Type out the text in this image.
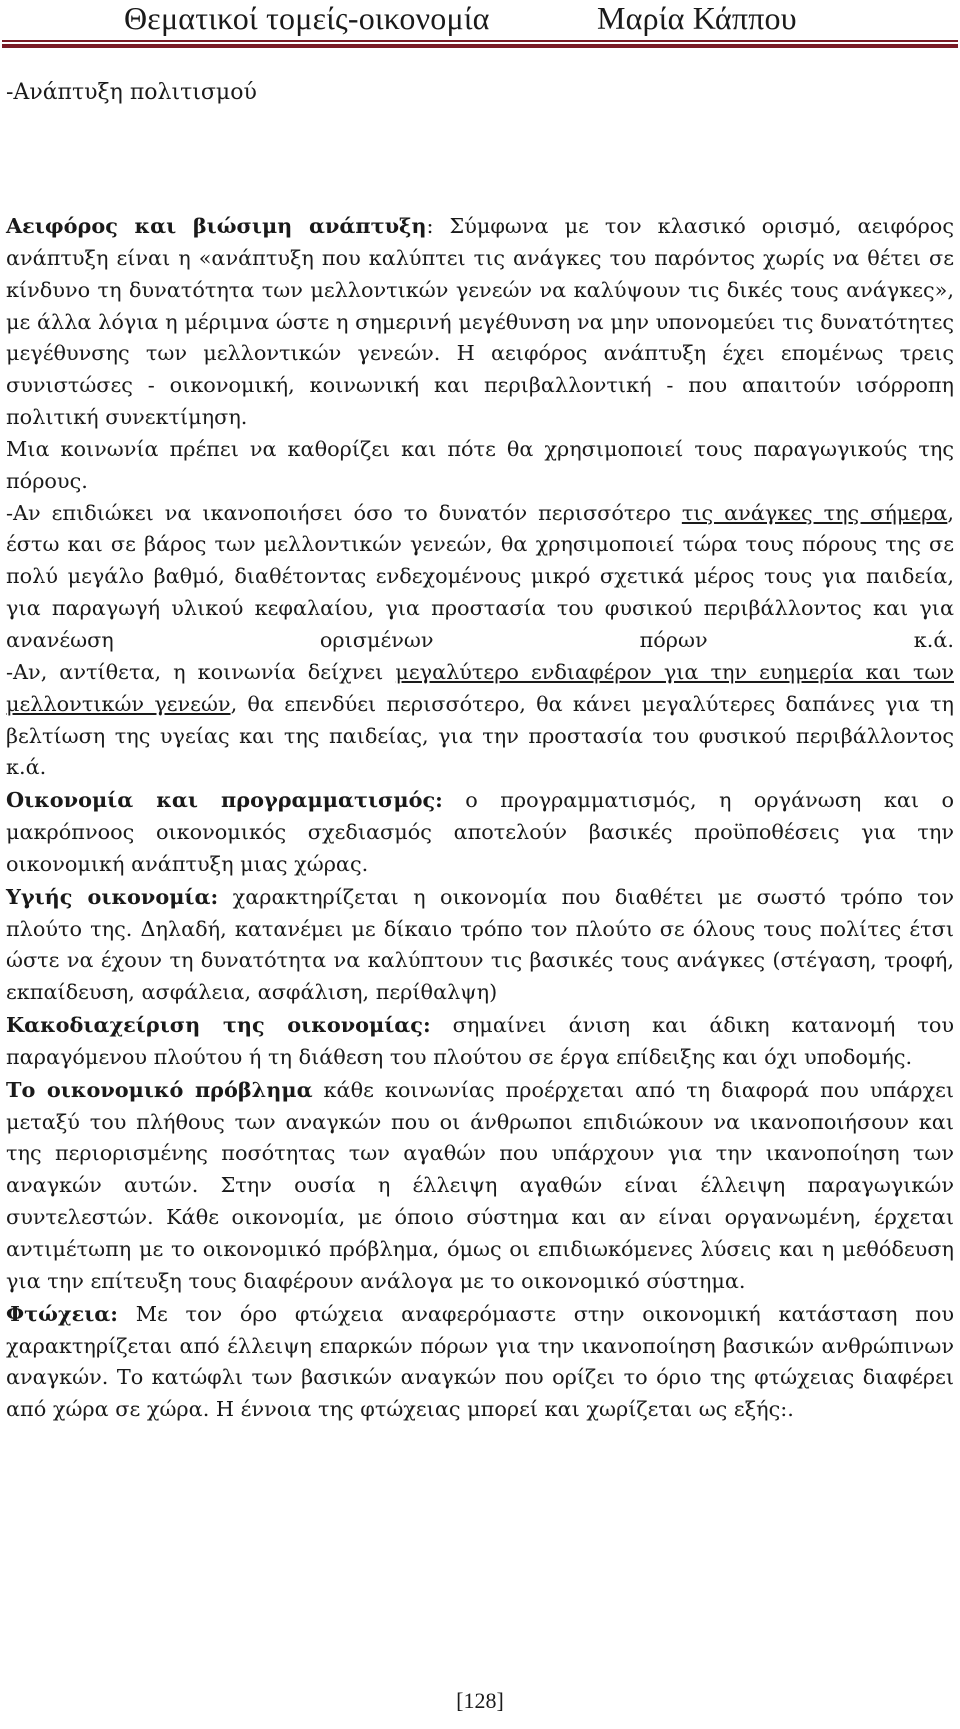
Θεματικοί τομείς-οικονομία	Μαρία Κάππου
-Ανάπτυξη πολιτισμού

Αειφόρος και βιώσιμη ανάπτυξη: Σύμφωνα με τον κλασικό ορισμό, αειφόρος ανάπτυξη είναι η «ανάπτυξη που καλύπτει τις ανάγκες του παρόντος χωρίς να θέτει σε κίνδυνο τη δυνατότητα των μελλοντικών γενεών να καλύψουν τις δικές τους ανάγκες», με άλλα λόγια η μέριμνα ώστε η σημερινή μεγέθυνση να μην υπονομεύει τις δυνατότητες μεγέθυνσης των μελλοντικών γενεών. Η αειφόρος ανάπτυξη έχει επομένως τρεις συνιστώσες - οικονομική, κοινωνική και περιβαλλοντική - που απαιτούν ισόρροπη πολιτική συνεκτίμηση.

Μια κοινωνία πρέπει να καθορίζει και πότε θα χρησιμοποιεί τους παραγωγικούς της πόρους.

-Αν επιδιώκει να ικανοποιήσει όσο το δυνατόν περισσότερο τις ανάγκες της σήμερα, έστω και σε βάρος των μελλοντικών γενεών, θα χρησιμοποιεί τώρα τους πόρους της σε πολύ μεγάλο βαθμό, διαθέτοντας ενδεχομένους μικρό σχετικά μέρος τους για παιδεία, για παραγωγή υλικού κεφαλαίου, για προστασία του φυσικού περιβάλλοντος και για ανανέωση ορισμένων πόρων κ.ά.

-Αν, αντίθετα, η κοινωνία δείχνει μεγαλύτερο ενδιαφέρον για την ευημερία και των μελλοντικών γενεών, θα επενδύει περισσότερο, θα κάνει μεγαλύτερες δαπάνες για τη βελτίωση της υγείας και της παιδείας, για την προστασία του φυσικού περιβάλλοντος κ.ά.

Οικονομία και προγραμματισμός: ο προγραμματισμός, η οργάνωση και ο μακρόπνοος οικονομικός σχεδιασμός αποτελούν βασικές προϋποθέσεις για την οικονομική ανάπτυξη μιας χώρας.

Υγιής οικονομία: χαρακτηρίζεται η οικονομία που διαθέτει με σωστό τρόπο τον πλούτο της. Δηλαδή, κατανέμει με δίκαιο τρόπο τον πλούτο σε όλους τους πολίτες έτσι ώστε να έχουν τη δυνατότητα να καλύπτουν τις βασικές τους ανάγκες (στέγαση, τροφή, εκπαίδευση, ασφάλεια, ασφάλιση, περίθαλψη)

Κακοδιαχείριση της οικονομίας: σημαίνει άνιση και άδικη κατανομή του παραγόμενου πλούτου ή τη διάθεση του πλούτου σε έργα επίδειξης και όχι υποδομής.

Το οικονομικό πρόβλημα κάθε κοινωνίας προέρχεται από τη διαφορά που υπάρχει μεταξύ του πλήθους των αναγκών που οι άνθρωποι επιδιώκουν να ικανοποιήσουν και της περιορισμένης ποσότητας των αγαθών που υπάρχουν για την ικανοποίηση των αναγκών αυτών. Στην ουσία η έλλειψη αγαθών είναι έλλειψη παραγωγικών συντελεστών. Κάθε οικονομία, με όποιο σύστημα και αν είναι οργανωμένη, έρχεται αντιμέτωπη με το οικονομικό πρόβλημα, όμως οι επιδιωκόμενες λύσεις και η μεθόδευση για την επίτευξη τους διαφέρουν ανάλογα με το οικονομικό σύστημα.

Φτώχεια: Με τον όρο φτώχεια αναφερόμαστε στην οικονομική κατάσταση που χαρακτηρίζεται από έλλειψη επαρκών πόρων για την ικανοποίηση βασικών ανθρώπινων αναγκών. Το κατώφλι των βασικών αναγκών που ορίζει το όριο της φτώχειας διαφέρει από χώρα σε χώρα. Η έννοια της φτώχειας μπορεί και χωρίζεται ως εξής:.

[128]
